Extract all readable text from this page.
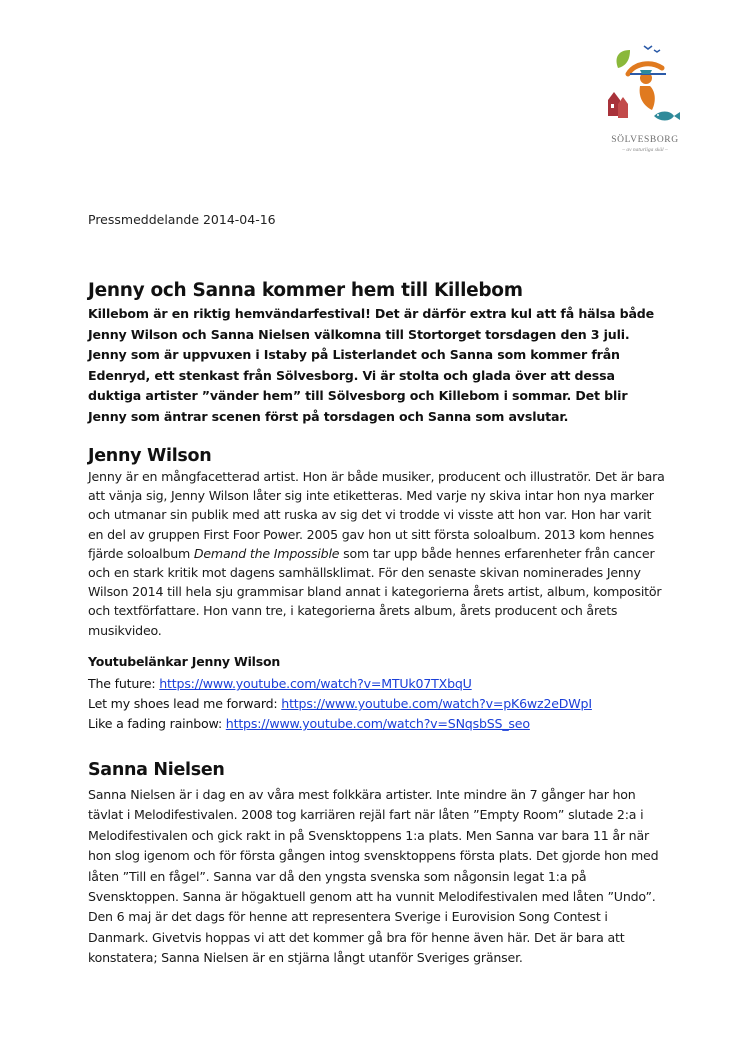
SÖLVESBORG
– av naturliga skäl –
Pressmeddelande 2014-04-16
Jenny och Sanna kommer hem till Killebom

Killebom är en riktig hemvändarfestival! Det är därför extra kul att få hälsa både Jenny Wilson och Sanna Nielsen välkomna till Stortorget torsdagen den 3 juli. Jenny som är uppvuxen i Istaby på Listerlandet och Sanna som kommer från Edenryd, ett stenkast från Sölvesborg. Vi är stolta och glada över att dessa duktiga artister ”vänder hem” till Sölvesborg och Killebom i sommar. Det blir Jenny som äntrar scenen först på torsdagen och Sanna som avslutar.

Jenny Wilson

Jenny är en mångfacetterad artist. Hon är både musiker, producent och illustratör. Det är bara att vänja sig, Jenny Wilson låter sig inte etiketteras. Med varje ny skiva intar hon nya marker och utmanar sin publik med att ruska av sig det vi trodde vi visste att hon var. Hon har varit en del av gruppen First Foor Power. 2005 gav hon ut sitt första soloalbum. 2013 kom hennes fjärde soloalbum Demand the Impossible som tar upp både hennes erfarenheter från cancer och en stark kritik mot dagens samhällsklimat. För den senaste skivan nominerades Jenny Wilson 2014 till hela sju grammisar bland annat i kategorierna årets artist, album, kompositör och textförfattare. Hon vann tre, i kategorierna årets album, årets producent och årets musikvideo.

Youtubelänkar Jenny Wilson
The future: https://www.youtube.com/watch?v=MTUk07TXbqU
Let my shoes lead me forward: https://www.youtube.com/watch?v=pK6wz2eDWpI
Like a fading rainbow: https://www.youtube.com/watch?v=SNqsbSS_seo
Sanna Nielsen

Sanna Nielsen är i dag en av våra mest folkkära artister. Inte mindre än 7 gånger har hon tävlat i Melodifestivalen. 2008 tog karriären rejäl fart när låten ”Empty Room” slutade 2:a i Melodifestivalen och gick rakt in på Svensktoppens 1:a plats. Men Sanna var bara 11 år när hon slog igenom och för första gången intog svensktoppens första plats. Det gjorde hon med låten ”Till en fågel”. Sanna var då den yngsta svenska som någonsin legat 1:a på Svensktoppen. Sanna är högaktuell genom att ha vunnit Melodifestivalen med låten ”Undo”. Den 6 maj är det dags för henne att representera Sverige i Eurovision Song Contest i Danmark. Givetvis hoppas vi att det kommer gå bra för henne även här. Det är bara att konstatera; Sanna Nielsen är en stjärna långt utanför Sveriges gränser.
